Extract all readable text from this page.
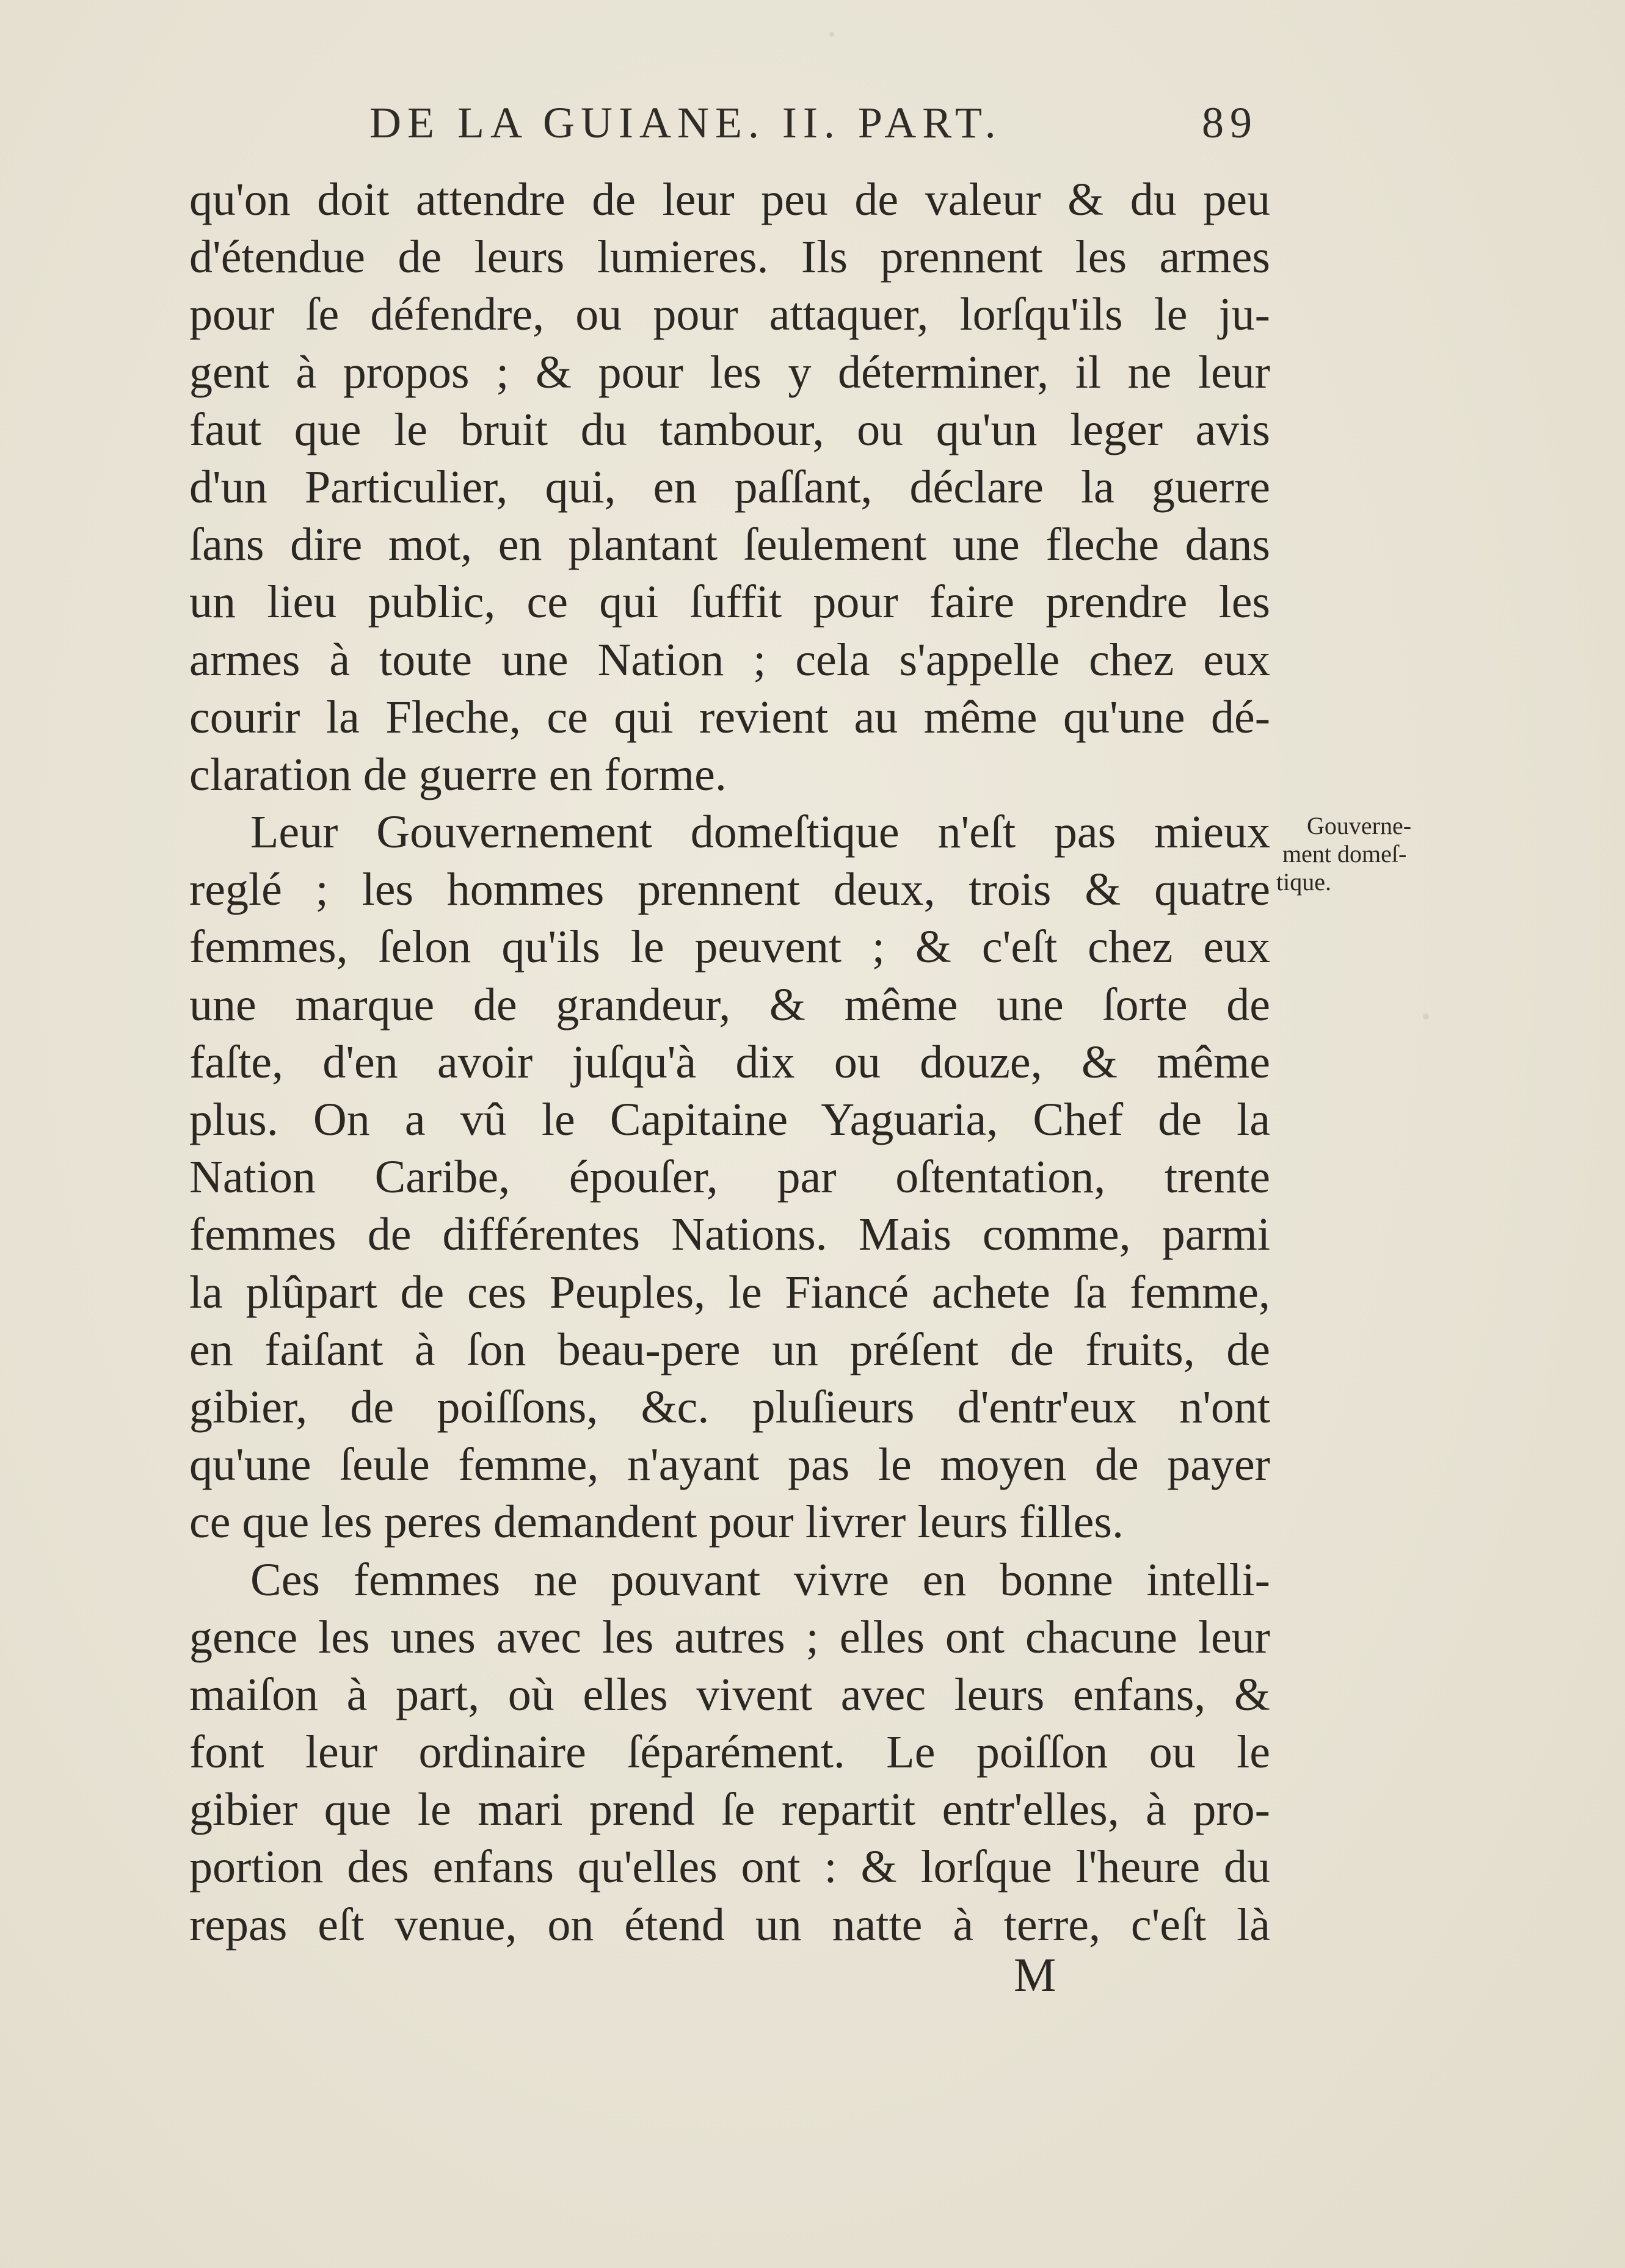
DE LA GUIANE. II. PART.	89
qu'on doit attendre de leur peu de valeur & du peu
d'étendue de leurs lumieres. Ils prennent les armes
pour ſe défendre, ou pour attaquer, lorſqu'ils le ju-
gent à propos ; & pour les y déterminer, il ne leur
faut que le bruit du tambour, ou qu'un leger avis
d'un Particulier, qui, en paſſant, déclare la guerre
ſans dire mot, en plantant ſeulement une fleche dans
un lieu public, ce qui ſuffit pour faire prendre les
armes à toute une Nation ; cela s'appelle chez eux
courir la Fleche, ce qui revient au même qu'une dé-
claration de guerre en forme.
Leur Gouvernement domeſtique n'eſt pas mieux
reglé ; les hommes prennent deux, trois & quatre
femmes, ſelon qu'ils le peuvent ; & c'eſt chez eux
une marque de grandeur, & même une ſorte de
faſte, d'en avoir juſqu'à dix ou douze, & même
plus. On a vû le Capitaine Yaguaria, Chef de la
Nation Caribe, épouſer, par oſtentation, trente
femmes de différentes Nations. Mais comme, parmi
la plûpart de ces Peuples, le Fiancé achete ſa femme,
en faiſant à ſon beau-pere un préſent de fruits, de
gibier, de poiſſons, &c. pluſieurs d'entr'eux n'ont
qu'une ſeule femme, n'ayant pas le moyen de payer
ce que les peres demandent pour livrer leurs filles.
Ces femmes ne pouvant vivre en bonne intelli-
gence les unes avec les autres ; elles ont chacune leur
maiſon à part, où elles vivent avec leurs enfans, &
font leur ordinaire ſéparément. Le poiſſon ou le
gibier que le mari prend ſe repartit entr'elles, à pro-
portion des enfans qu'elles ont : & lorſque l'heure du
repas eſt venue, on étend un natte à terre, c'eſt là
Gouverne-
ment domeſ-
tique.
M
